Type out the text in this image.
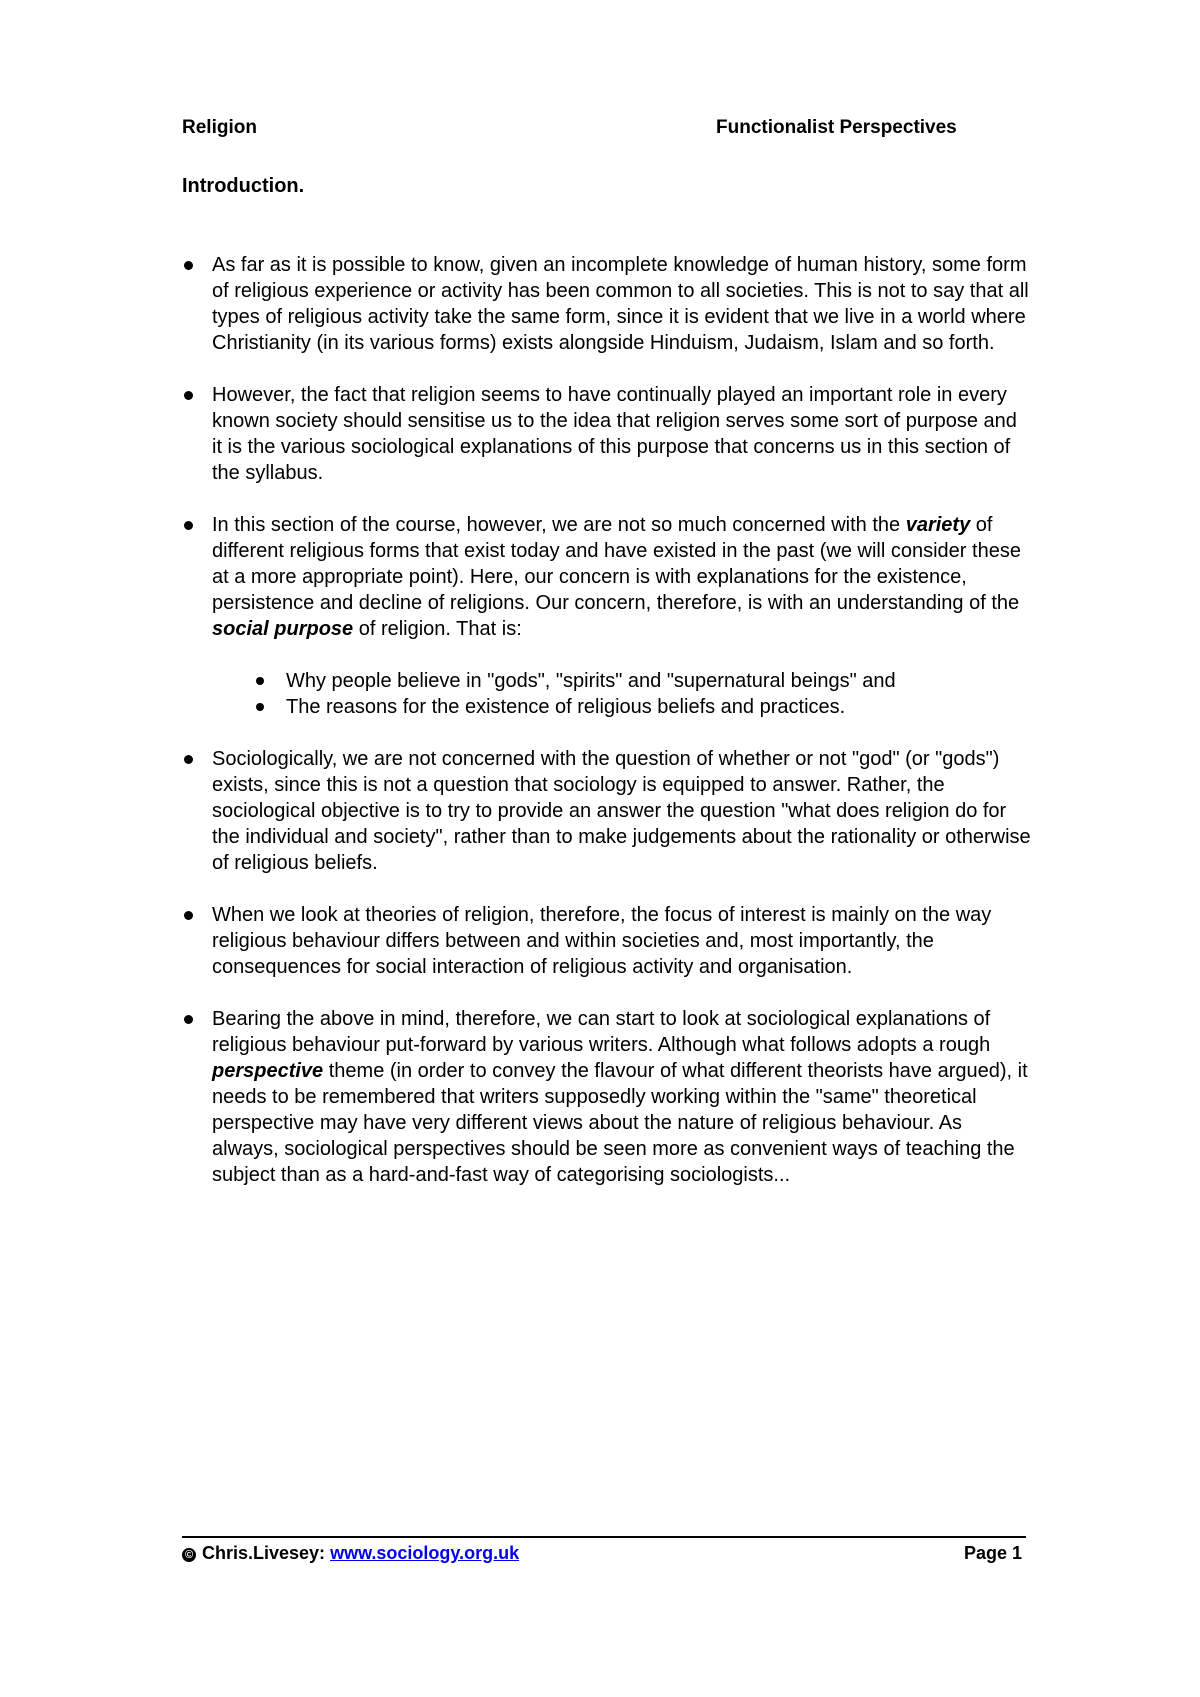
Religion	Functionalist Perspectives
Introduction.

As far as it is possible to know, given an incomplete knowledge of human history, some form of religious experience or activity has been common to all societies. This is not to say that all types of religious activity take the same form, since it is evident that we live in a world where Christianity (in its various forms) exists alongside Hinduism, Judaism, Islam and so forth.

However, the fact that religion seems to have continually played an important role in every known society should sensitise us to the idea that religion serves some sort of purpose and it is the various sociological explanations of this purpose that concerns us in this section of the syllabus.

In this section of the course, however, we are not so much concerned with the variety of different religious forms that exist today and have existed in the past (we will consider these at a more appropriate point). Here, our concern is with explanations for the existence, persistence and decline of religions. Our concern, therefore, is with an understanding of the social purpose of religion. That is:

Why people believe in "gods", "spirits" and "supernatural beings" and
The reasons for the existence of religious beliefs and practices.

Sociologically, we are not concerned with the question of whether or not "god" (or "gods") exists, since this is not a question that sociology is equipped to answer. Rather, the sociological objective is to try to provide an answer the question "what does religion do for the individual and society", rather than to make judgements about the rationality or otherwise of religious beliefs.

When we look at theories of religion, therefore, the focus of interest is mainly on the way religious behaviour differs between and within societies and, most importantly, the consequences for social interaction of religious activity and organisation.

Bearing the above in mind, therefore, we can start to look at sociological explanations of religious behaviour put-forward by various writers. Although what follows adopts a rough perspective theme (in order to convey the flavour of what different theorists have argued), it needs to be remembered that writers supposedly working within the "same" theoretical perspective may have very different views about the nature of religious behaviour. As always, sociological perspectives should be seen more as convenient ways of teaching the subject than as a hard-and-fast way of categorising sociologists...

© Chris.Livesey: www.sociology.org.uk	Page 1
